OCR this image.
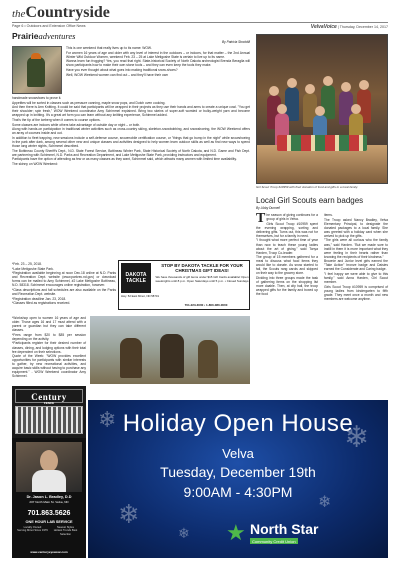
theCountryside
Page 6 • Outdoors and Extension Office News	VelvaVoice | Thursday, December 14, 2017
Prairieadventures
By Patricia Stockdill

This is one weekend that really lives up to its name: WOW.

For women 16 years of age and older with any level of interest in the outdoors – or indoors, for that matter – the 2nd Annual Winter Wild Outdoor Women, weekend Feb. 23 – 25 at Lake Metigoshe State is certain to live up to its name.

Wanna learn fun frogging? Yes, you read that right. State-historical Society of North Dakota archeologist Brenda Beraglia will show participants how to make their own stone tools – and they can even keep the tools they make.

Have you ever thought about what goes into making traditional snow-shoes?

Well, WOW Weekend women can find out – and they'll have their own

handmade snowshoes to prove it.

Appetites will be sorted in classes such as pressure canning, maple snow pops, and Dutch oven cooking.

And then there is Arm Knitting. It could be said that participants will be wrapped in their projects as they use their hands and arms to create a unique cowl. "You get their shoulder; spin fresh," WOW Weekend coordinator Amy Schimmel explained. Bring two skeins of super-soft worsted or bulky-weight yarn and become wrapped up in knitting. It's a great art form you can learn without any knitting experience, Schimmel added.

That's the tip of the iceberg when it comes to course options.

Some classes are indoors while others take advantage of outside day or night – or both.

Along with hands-on participation in traditional winter activities such as cross-country skiing, skeleton-snowbobbing, and snowshoeing, the WOW Weekend offers an array of courses inside and out.

In addition to fleet trapping, new sessions include a self-defense course, snowmobile certification course, or "things that go bump in the night" while snowshoeing in the park after dark, among several other new and unique classes and activities designed to help women learn outdoor skills as well as find new ways to spend those long winter nights, Schimmel described.

The Bottineau County Sheriff's Dept., N.D. State Forest Service, Bottineau Winter Park, State Historical Society of North Dakota, and N.D. Game and Fish Dept. are partnering with Schimmel, N.D. Parks and Recreation Department, and Lake Metigoshe State Park, providing instructors and equipment.

Participants have the option of attending as few or as many classes as they want, Schimmel said, which attracts many women with limited time availability.

The skinny on WOW Weekend:

*Feb. 23 – 25, 2018.

*Lake Metigoshe State Park.

*Registration available beginning at noon Dec.18 online at N.D. Parks and Recreation Dept. website (www.parkrec.nd.gov) or download forms can be mailed to Amy Schimmel, #2 Lake Metigoshe Bottineau, N.D. 58318. Schimmel encourages online registration, however.

*Class descriptions and fall schedules are also available on the Parks and Recreation Dept. website.

*Registration deadline Jan. 23, 2018.

*Classes filled as registrations received.

DAKOTA TACKLE
STOP BY DAKOTA TACKLE FOR YOUR CHRISTMAS GIFT IDEAS!
We have thousands of gift items under $15 Gift Cards available! Open weeknights until 8 p.m. Open Saturdays until 5 p.m. • Closed Sundays
Hwy. 52 East Minot, ND 58701
701-223-3000 • 1-800-080-0000

*Workshop open to women 16 years of age and older. Those ages 16 and 17 must attend with a parent or guardian but they can take different classes.

*Fees range from $20 to $85 per session depending on the activity.

*Participants register for their desired number of classes, dining, and lodging options with their total fee dependent on their selections.

Quote of the Week: "WOW provides excellent opportunities for participants with similar interests to gather, try new recreational activities, and acquire basic skills without having to purchase any equipment." - WOW Weekend coordinator Amy Schimmel.

Century
FENCE
Dr. Jason L. Bradley, D.D
207 North Main St. Velva, ND
701.863.5626
ONE HOUR LAB SERVICE
Locally Owned	Newest Styles
Serving Minot Since 1979	Hottest Trends Best Selection
www.centuryeyewear.com
Girl Scout Troop #10959 with their donation of food and gifts to a local family.
Local Girl Scouts earn badges
By Libby Dunnell

The season of giving continues for a group of girls in Velva.

Girls Scout Troop #10959 spent the evening wrapping, sorting and delivering gifts. Turns out, this was not for themselves, but for a family in need.

"I thought what more perfect time of year than now to teach these young ladies about the art of giving," said Tonya Harden, Troop Co-leader.

The group of 15 members gathered for a meal to discuss what food items they would like to donate. As snow started to fall, the Scouts rang carols and skipped on their way to the grocery store.

Dividing into three groups made the task of gathering items on the shopping list more doable. Then, at city hall, the troop wrapped gifts for the family and boxed up the food

items.

The Troop asked Nancy Bradley, Velva Elementary Principal, to designate the donated packages to a local family. She was greeted with a holiday card when she arrived to pick up the gifts.

"The girls were all curious who the family was," said Harden. "But we made sure to instill in them it is more important what they were feeling in their hearts rather than knowing the recipients of their kindness."

Brownie and Junior level girls earned the "Take Action" bronze badge and Daisies earned the Considerate and Caring badge.

"I feel happy we were able to give to this family," said Anna Harden, Girl Scout member.

Girls Scout Troop #10959 is comprised of young ladies from kindergarten to fifth grade. They meet once a month and new members are welcome anytime.

❄	❄
❄
❄
❄
Holiday Open House
Velva
Tuesday, December 19th
9:00AM - 4:30PM
★ North Star
Community Credit Union
